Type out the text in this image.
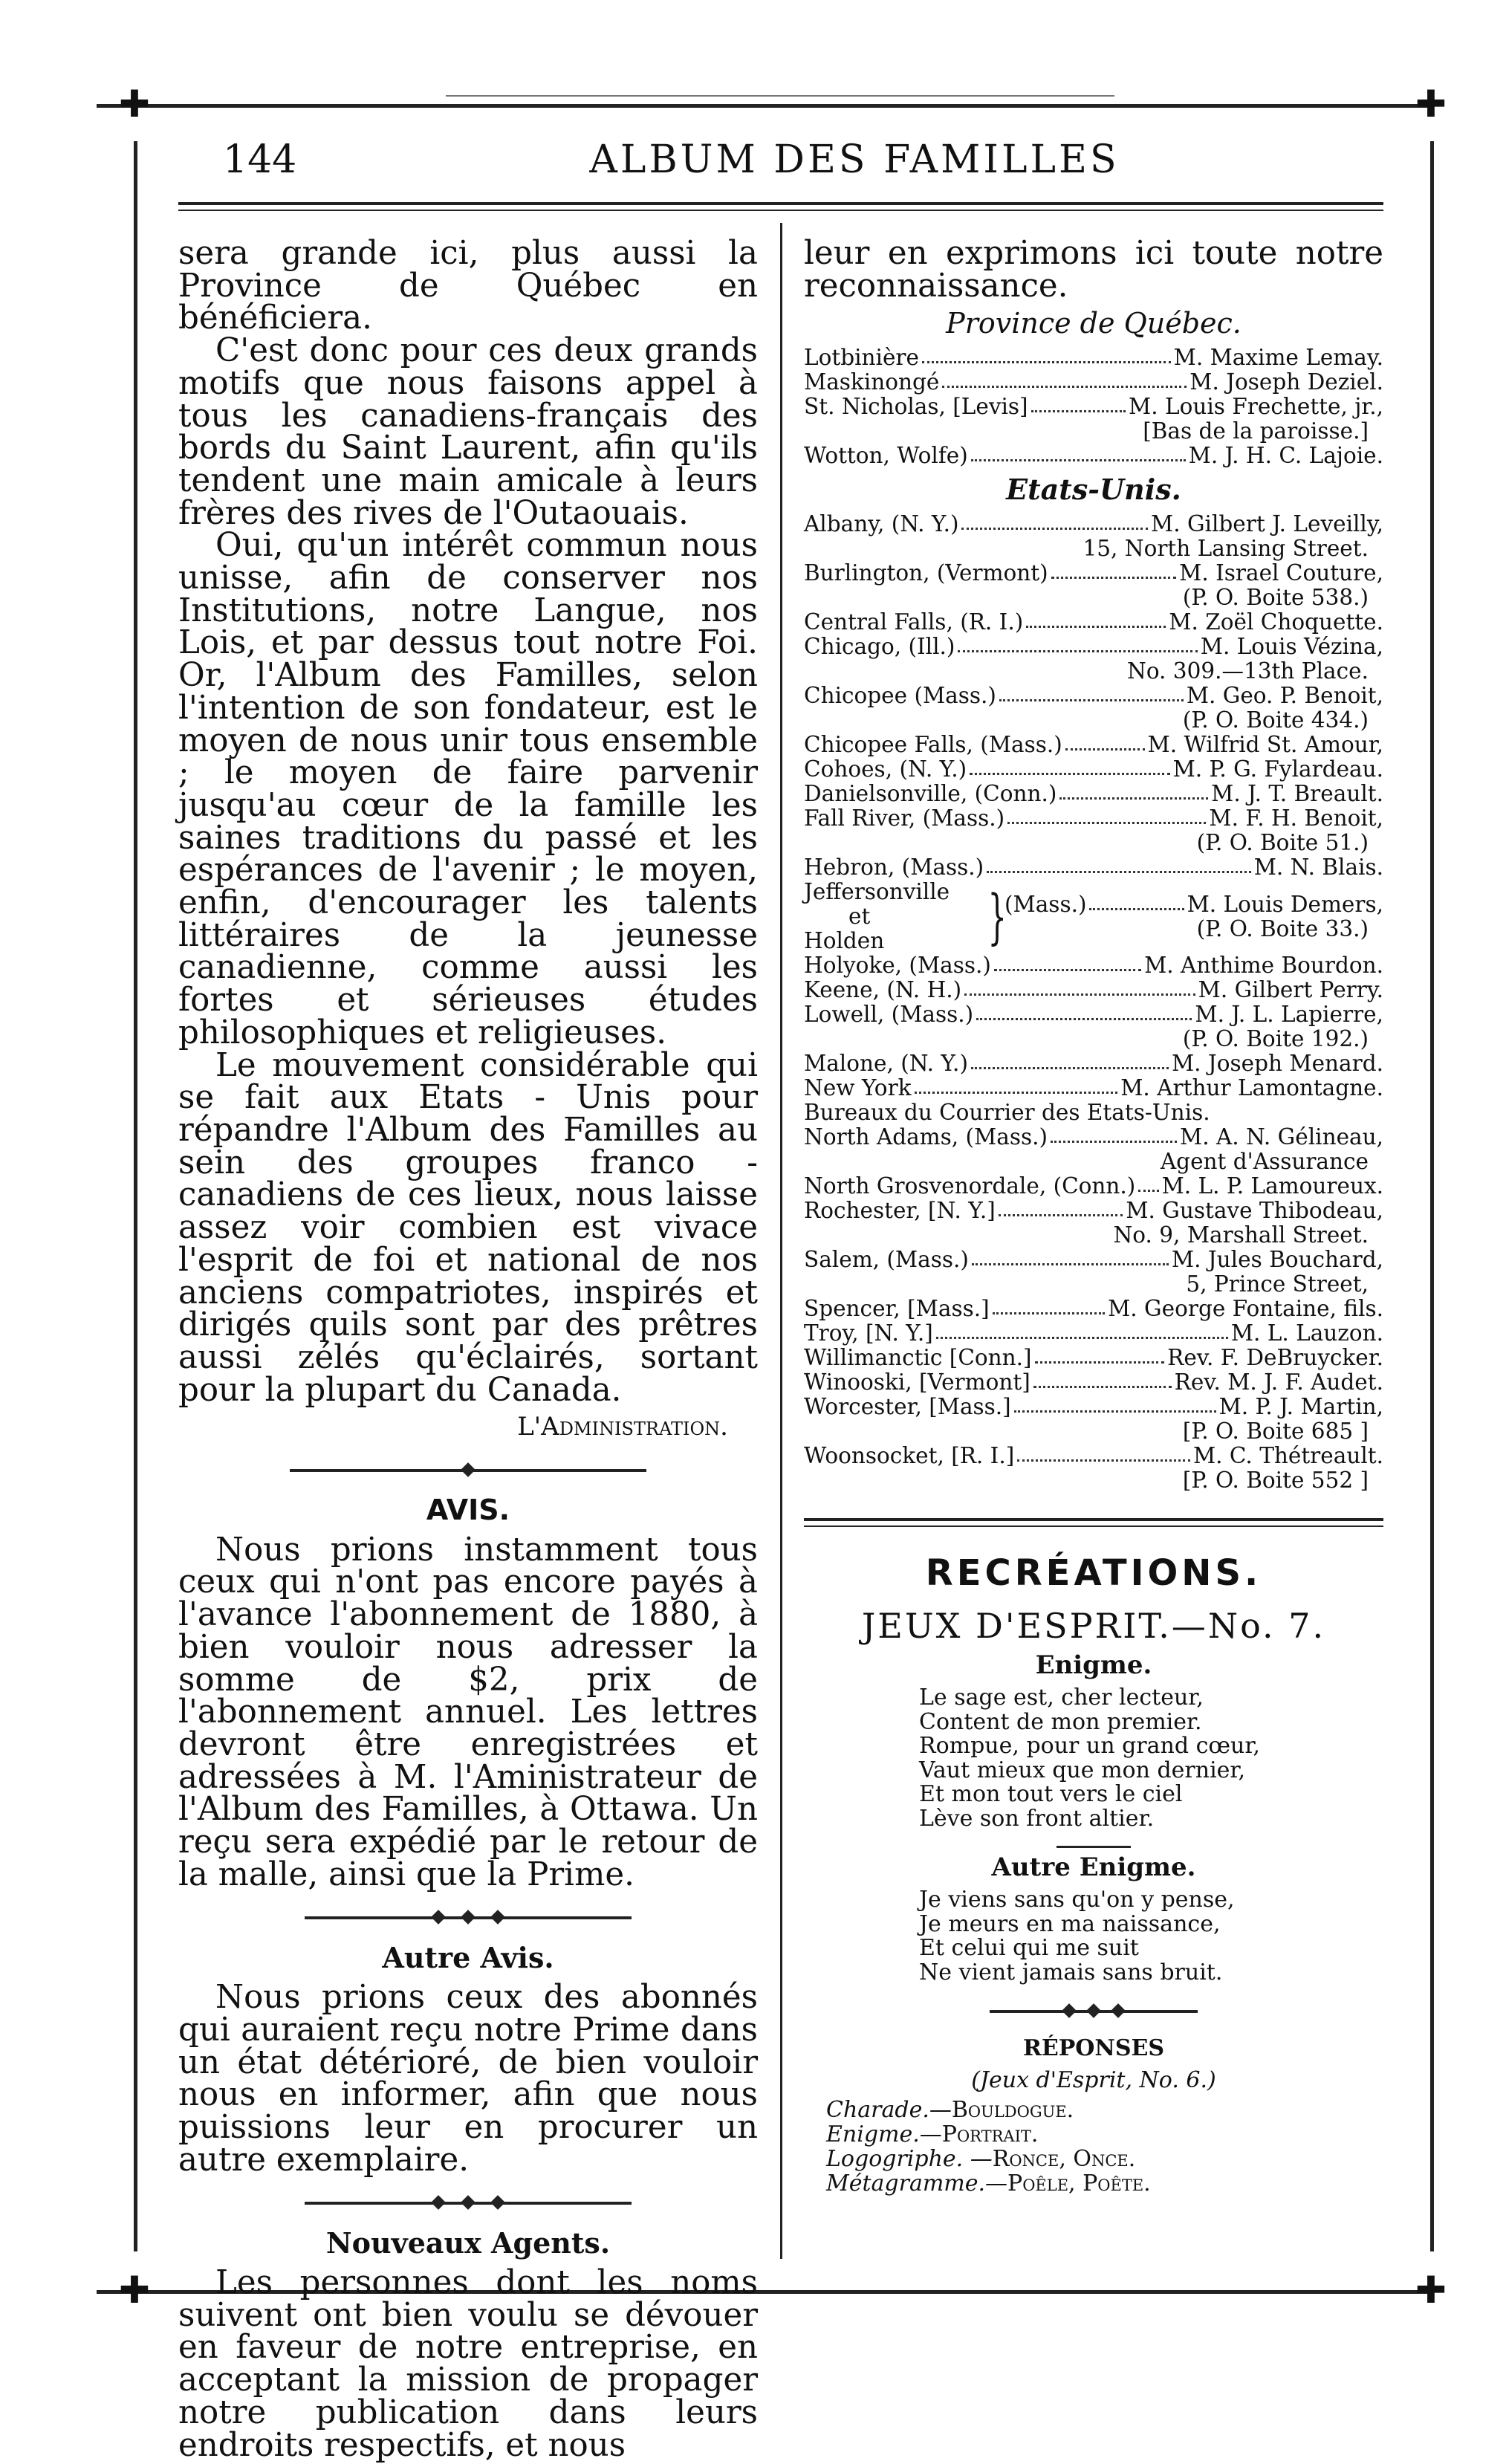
✚	✚
✚	✚
144	ALBUM DES FAMILLES

sera grande ici, plus aussi la Province de Québec en bénéficiera.

C'est donc pour ces deux grands motifs que nous faisons appel à tous les canadiens-français des bords du Saint Laurent, afin qu'ils tendent une main amicale à leurs frères des rives de l'Outaouais.

Oui, qu'un intérêt commun nous unisse, afin de conserver nos Institutions, notre Langue, nos Lois, et par dessus tout notre Foi. Or, l'Album des Familles, selon l'intention de son fondateur, est le moyen de nous unir tous ensemble ; le moyen de faire parvenir jusqu'au cœur de la famille les saines traditions du passé et les espérances de l'avenir ; le moyen, enfin, d'encourager les talents littéraires de la jeunesse canadienne, comme aussi les fortes et sérieuses études philosophiques et religieuses.

Le mouvement considérable qui se fait aux Etats - Unis pour répandre l'Album des Familles au sein des groupes franco - canadiens de ces lieux, nous laisse assez voir combien est vivace l'esprit de foi et national de nos anciens compatriotes, inspirés et dirigés quils sont par des prêtres aussi zélés qu'éclairés, sortant pour la plupart du Canada.

L'Administration.
AVIS.

Nous prions instamment tous ceux qui n'ont pas encore payés à l'avance l'abonnement de 1880, à bien vouloir nous adresser la somme de $2, prix de l'abonnement annuel. Les lettres devront être enregistrées et adressées à M. l'Aministrateur de l'Album des Familles, à Ottawa. Un reçu sera expédié par le retour de la malle, ainsi que la Prime.

Autre Avis.

Nous prions ceux des abonnés qui auraient reçu notre Prime dans un état détérioré, de bien vouloir nous en informer, afin que nous puissions leur en procurer un autre exemplaire.

Nouveaux Agents.

Les personnes dont les noms suivent ont bien voulu se dévouer en faveur de notre entreprise, en acceptant la mission de propager notre publication dans leurs endroits respectifs, et nous

leur en exprimons ici toute notre reconnaissance.

Province de Québec.
Lotbinière	M. Maxime Lemay.
Maskinongé	M. Joseph Deziel.
St. Nicholas, [Levis]	M. Louis Frechette, jr.,
[Bas de la paroisse.]
Wotton, Wolfe)	M. J. H. C. Lajoie.
Etats-Unis.
Albany, (N. Y.)	M. Gilbert J. Leveilly,
15, North Lansing Street.
Burlington, (Vermont)	M. Israel Couture,
(P. O. Boite 538.)
Central Falls, (R. I.)	M. Zoël Choquette.
Chicago, (Ill.)	M. Louis Vézina,
No. 309.—13th Place.
Chicopee (Mass.)	M. Geo. P. Benoit,
(P. O. Boite 434.)
Chicopee Falls, (Mass.)	M. Wilfrid St. Amour,
Cohoes, (N. Y.)	M. P. G. Fylardeau.
Danielsonville, (Conn.)	M. J. T. Breault.
Fall River, (Mass.)	M. F. H. Benoit,
(P. O. Boite 51.)
Hebron, (Mass.)	M. N. Blais.
Jeffersonville
et
Holden	}
(Mass.)	M. Louis Demers,
(P. O. Boite 33.)
Holyoke, (Mass.)	M. Anthime Bourdon.
Keene, (N. H.)	M. Gilbert Perry.
Lowell, (Mass.)	M. J. L. Lapierre,
(P. O. Boite 192.)
Malone, (N. Y.)	M. Joseph Menard.
New York	M. Arthur Lamontagne.
Bureaux du Courrier des Etats-Unis.
North Adams, (Mass.)	M. A. N. Gélineau,
Agent d'Assurance
North Grosvenordale, (Conn.) M. L. P. Lamoureux.
Rochester, [N. Y.]	M. Gustave Thibodeau,
No. 9, Marshall Street.
Salem, (Mass.)	M. Jules Bouchard,
5, Prince Street,
Spencer, [Mass.]	M. George Fontaine, fils.
Troy, [N. Y.]	M. L. Lauzon.
Willimanctic [Conn.]	Rev. F. DeBruycker.
Winooski, [Vermont]	Rev. M. J. F. Audet.
Worcester, [Mass.]	M. P. J. Martin,
[P. O. Boite 685 ]
Woonsocket, [R. I.]	M. C. Thétreault.
[P. O. Boite 552 ]
RECRÉATIONS.
JEUX D'ESPRIT.—No. 7.
Enigme.
Le sage est, cher lecteur,
Content de mon premier.
Rompue, pour un grand cœur,
Vaut mieux que mon dernier,
Et mon tout vers le ciel
Lève son front altier.
Autre Enigme.
Je viens sans qu'on y pense,
Je meurs en ma naissance,
Et celui qui me suit
Ne vient jamais sans bruit.
RÉPONSES
(Jeux d'Esprit, No. 6.)
Charade.—Bouldogue.
Enigme.—Portrait.
Logogriphe. —Ronce, Once.
Métagramme.—Poêle, Poête.
